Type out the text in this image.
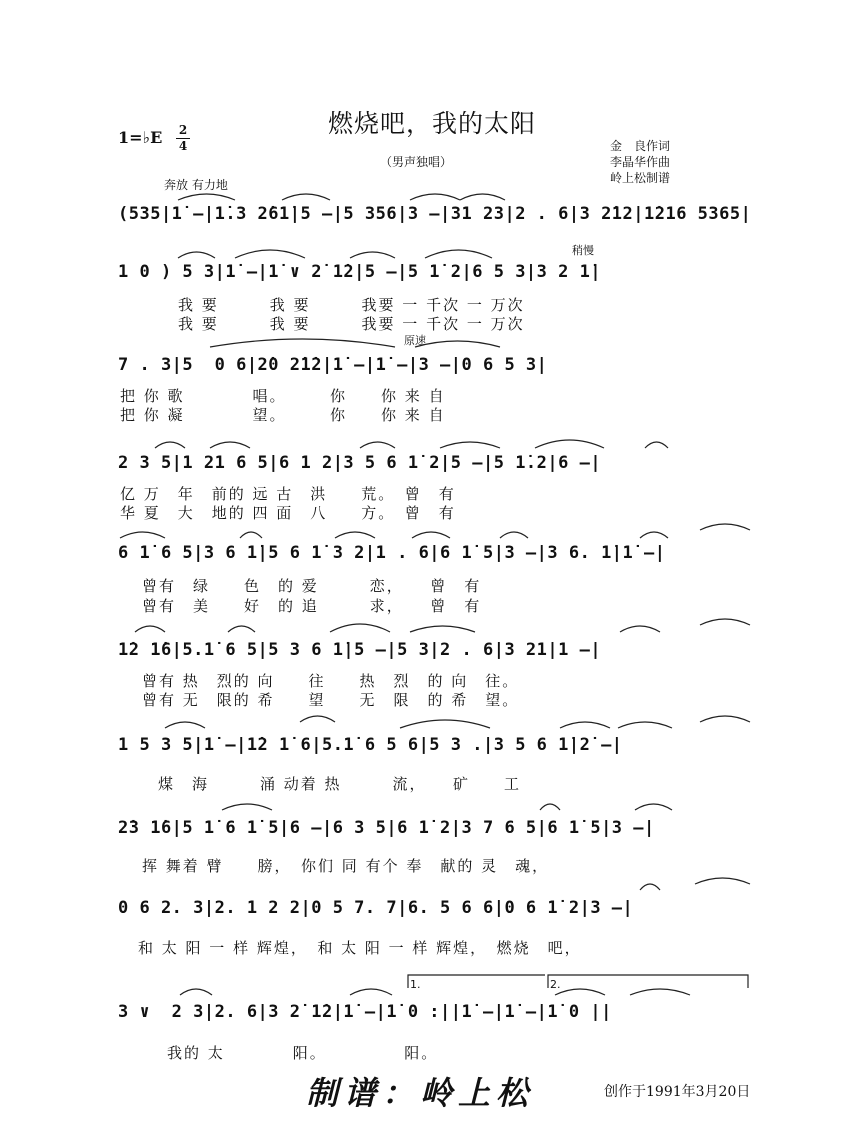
燃烧吧，我的太阳
1=♭E 2
4
（男声独唱）
金　良作词
李晶华作曲
岭上松制谱
奔放 有力地
稍慢
原速
(535|1̇ –|1̇.3 2̇61̇|5 –|5 356|3 –|31 23|2 . 6|3 2̇12|1̇216 5365|
1 0 ) 5 3|1̇ –|1̇ ∨ 2̇ 1̇2|5 –|5 1̇ 2|6 5 3|3 2 1̇|
我 要　　　我 要　　　我要 一 千次 一 万次
我 要　　　我 要　　　我要 一 千次 一 万次
7 . 3|5  0 6|2̇0 2̇1̇2|1̇ –|1̇ –|3 –|0 6 5 3|
把 你 歌　　　　唱。　　　你　　你 来 自
把 你 凝　　　　望。　　　你　　你 来 自
2 3 5|1 21 6 5|6 1 2|3 5 6 1̇ 2|5 –|5 1̇.2|6 –|
亿 万　年　前的 远 古　洪　　荒。　曾　有
华 夏　大　地的 四 面　八　　方。　曾　有
6 1̇ 6 5|3 6 1̇|5 6 1̇ 3 2|1 . 6|6 1̇ 5|3 –|3 6. 1̇|1̇ –|
曾有　绿　　色　的 爱　　　恋，　　曾　有
曾有　美　　好　的 追　　　求，　　曾　有
1̇2 1̇6|5.1̇ 6 5|5 3 6 1̇|5 –|5 3|2 . 6|3 21|1 –|
曾有 热　烈的 向　　往　　热　烈　的 向　往。
曾有 无　限的 希　　望　　无　限　的 希　望。
1 5 3 5|1̇ –|1̇2 1̇ 6|5.1̇ 6 5 6|5 3 .|3 5 6 1̇|2̇ –|
煤　海　　　涌 动着 热　　　流，　　矿　　工
2̇3 1̇6|5 1̇ 6 1̇ 5|6 –|6 3 5|6 1̇ 2|3 7 6 5|6 1̇ 5|3 –|
挥 舞着 臂　　膀，　你们 同 有个 奉　献的 灵　魂，
0 6 2. 3|2. 1 2 2|0 5 7. 7|6. 5 6 6|0 6 1̇ 2|3 –|
和 太 阳 一 样 辉煌，　和 太 阳 一 样 辉煌，　燃烧　吧，
3 ∨  2 3|2. 6|3 2̇ 1̇2|1̇ –|1̇ 0 :||1̇ –|1̇ –|1̇ 0 ||
　我的 太　　　　阳。　　　　　阳。
1.	2.
制谱：岭上松	创作于1991年3月20日
